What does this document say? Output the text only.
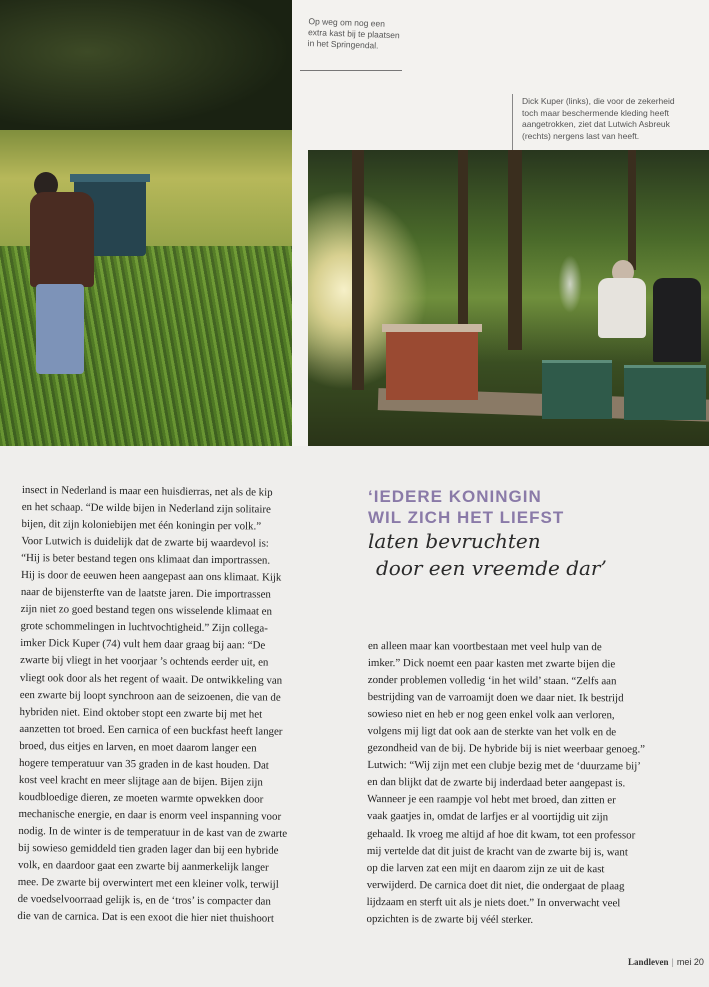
Op weg om nog een
extra kast bij te plaatsen
in het Springendal.
Dick Kuper (links), die voor de zekerheid
toch maar beschermende kleding heeft
aangetrokken, ziet dat Lutwich Asbreuk
(rechts) nergens last van heeft.

‘IEDERE KONINGIN

WIL ZICH HET LIEFST

laten bevruchten

door een vreemde dar’

insect in Nederland is maar een huisdierras, net als de kip

en het schaap. “De wilde bijen in Nederland zijn solitaire

bijen, dit zijn koloniebijen met één koningin per volk.”

Voor Lutwich is duidelijk dat de zwarte bij waardevol is:

“Hij is beter bestand tegen ons klimaat dan importrassen.

Hij is door de eeuwen heen aangepast aan ons klimaat. Kijk

naar de bijensterfte van de laatste jaren. Die importrassen

zijn niet zo goed bestand tegen ons wisselende klimaat en

grote schommelingen in luchtvochtigheid.” Zijn collega-

imker Dick Kuper (74) vult hem daar graag bij aan: “De

zwarte bij vliegt in het voorjaar ’s ochtends eerder uit, en

vliegt ook door als het regent of waait. De ontwikkeling van

een zwarte bij loopt synchroon aan de seizoenen, die van de

hybriden niet. Eind oktober stopt een zwarte bij met het

aanzetten tot broed. Een carnica of een buckfast heeft langer

broed, dus eitjes en larven, en moet daarom langer een

hogere temperatuur van 35 graden in de kast houden. Dat

kost veel kracht en meer slijtage aan de bijen. Bijen zijn

koudbloedige dieren, ze moeten warmte opwekken door

mechanische energie, en daar is enorm veel inspanning voor

nodig. In de winter is de temperatuur in de kast van de zwarte

bij sowieso gemiddeld tien graden lager dan bij een hybride

volk, en daardoor gaat een zwarte bij aanmerkelijk langer

mee. De zwarte bij overwintert met een kleiner volk, terwijl

de voedselvoorraad gelijk is, en de ‘tros’ is compacter dan

die van de carnica. Dat is een exoot die hier niet thuishoort

en alleen maar kan voortbestaan met veel hulp van de

imker.” Dick noemt een paar kasten met zwarte bijen die

zonder problemen volledig ‘in het wild’ staan. “Zelfs aan

bestrijding van de varroamijt doen we daar niet. Ik bestrijd

sowieso niet en heb er nog geen enkel volk aan verloren,

volgens mij ligt dat ook aan de sterkte van het volk en de

gezondheid van de bij. De hybride bij is niet weerbaar genoeg.”

Lutwich: “Wij zijn met een clubje bezig met de ‘duurzame bij’

en dan blijkt dat de zwarte bij inderdaad beter aangepast is.

Wanneer je een raampje vol hebt met broed, dan zitten er

vaak gaatjes in, omdat de larfjes er al voortijdig uit zijn

gehaald. Ik vroeg me altijd af hoe dit kwam, tot een professor

mij vertelde dat dit juist de kracht van de zwarte bij is, want

op die larven zat een mijt en daarom zijn ze uit de kast

verwijderd. De carnica doet dit niet, die ondergaat de plaag

lijdzaam en sterft uit als je niets doet.” In onverwacht veel

opzichten is de zwarte bij véél sterker.

Landleven | mei 20
